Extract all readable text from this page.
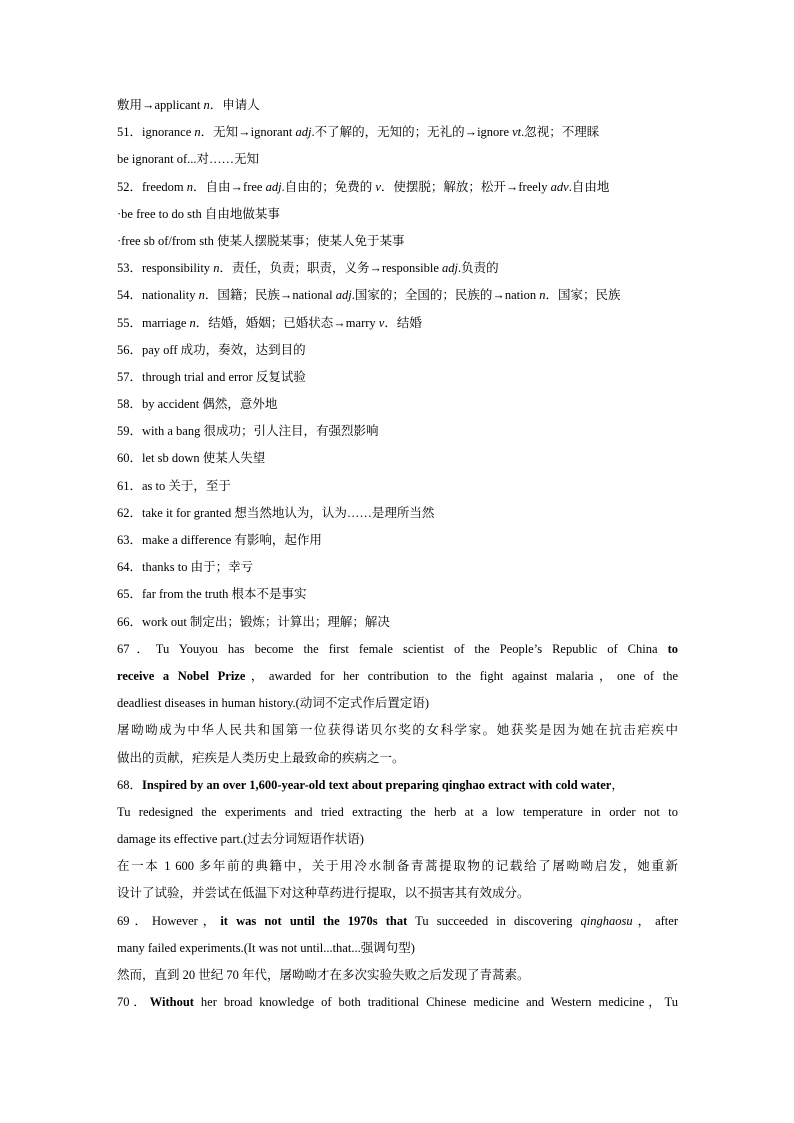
敷用→applicant n．申请人
51．ignorance n．无知→ignorant adj.不了解的，无知的；无礼的→ignore vt.忽视；不理睬
be ignorant of...对……无知
52．freedom n．自由→free adj.自由的；免费的 v．使摆脱；解放；松开→freely adv.自由地
·be free to do sth 自由地做某事
·free sb of/from sth 使某人摆脱某事；使某人免于某事
53．responsibility n．责任，负责；职责，义务→responsible adj.负责的
54．nationality n．国籍；民族→national adj.国家的；全国的；民族的→nation n．国家；民族
55．marriage n．结婚，婚姻；已婚状态→marry v．结婚
56．pay off 成功，奏效，达到目的
57．through trial and error 反复试验
58．by accident 偶然，意外地
59．with a bang 很成功；引人注目，有强烈影响
60．let sb down 使某人失望
61．as to 关于，至于
62．take it for granted 想当然地认为，认为……是理所当然
63．make a difference 有影响，起作用
64．thanks to 由于；幸亏
65．far from the truth 根本不是事实
66．work out 制定出；锻炼；计算出；理解；解决
67．Tu Youyou has become the first female scientist of the People’s Republic of China to
receive a Nobel Prize，awarded for her contribution to the fight against malaria，one of the
deadliest diseases in human history.(动词不定式作后置定语)
屠呦呦成为中华人民共和国第一位获得诺贝尔奖的女科学家。她获奖是因为她在抗击疟疾中
做出的贡献，疟疾是人类历史上最致命的疾病之一。
68．Inspired by an over 1,600-year-old text about preparing qinghao extract with cold water，
Tu redesigned the experiments and tried extracting the herb at a low temperature in order not to
damage its effective part.(过去分词短语作状语)
在一本 1 600 多年前的典籍中，关于用冷水制备青蒿提取物的记载给了屠呦呦启发，她重新
设计了试验，并尝试在低温下对这种草药进行提取，以不损害其有效成分。
69．However，it was not until the 1970s that Tu succeeded in discovering qinghaosu，after
many failed experiments.(It was not until...that...强调句型)
然而，直到 20 世纪 70 年代，屠呦呦才在多次实验失败之后发现了青蒿素。
70．Without her broad knowledge of both traditional Chinese medicine and Western medicine，Tu
